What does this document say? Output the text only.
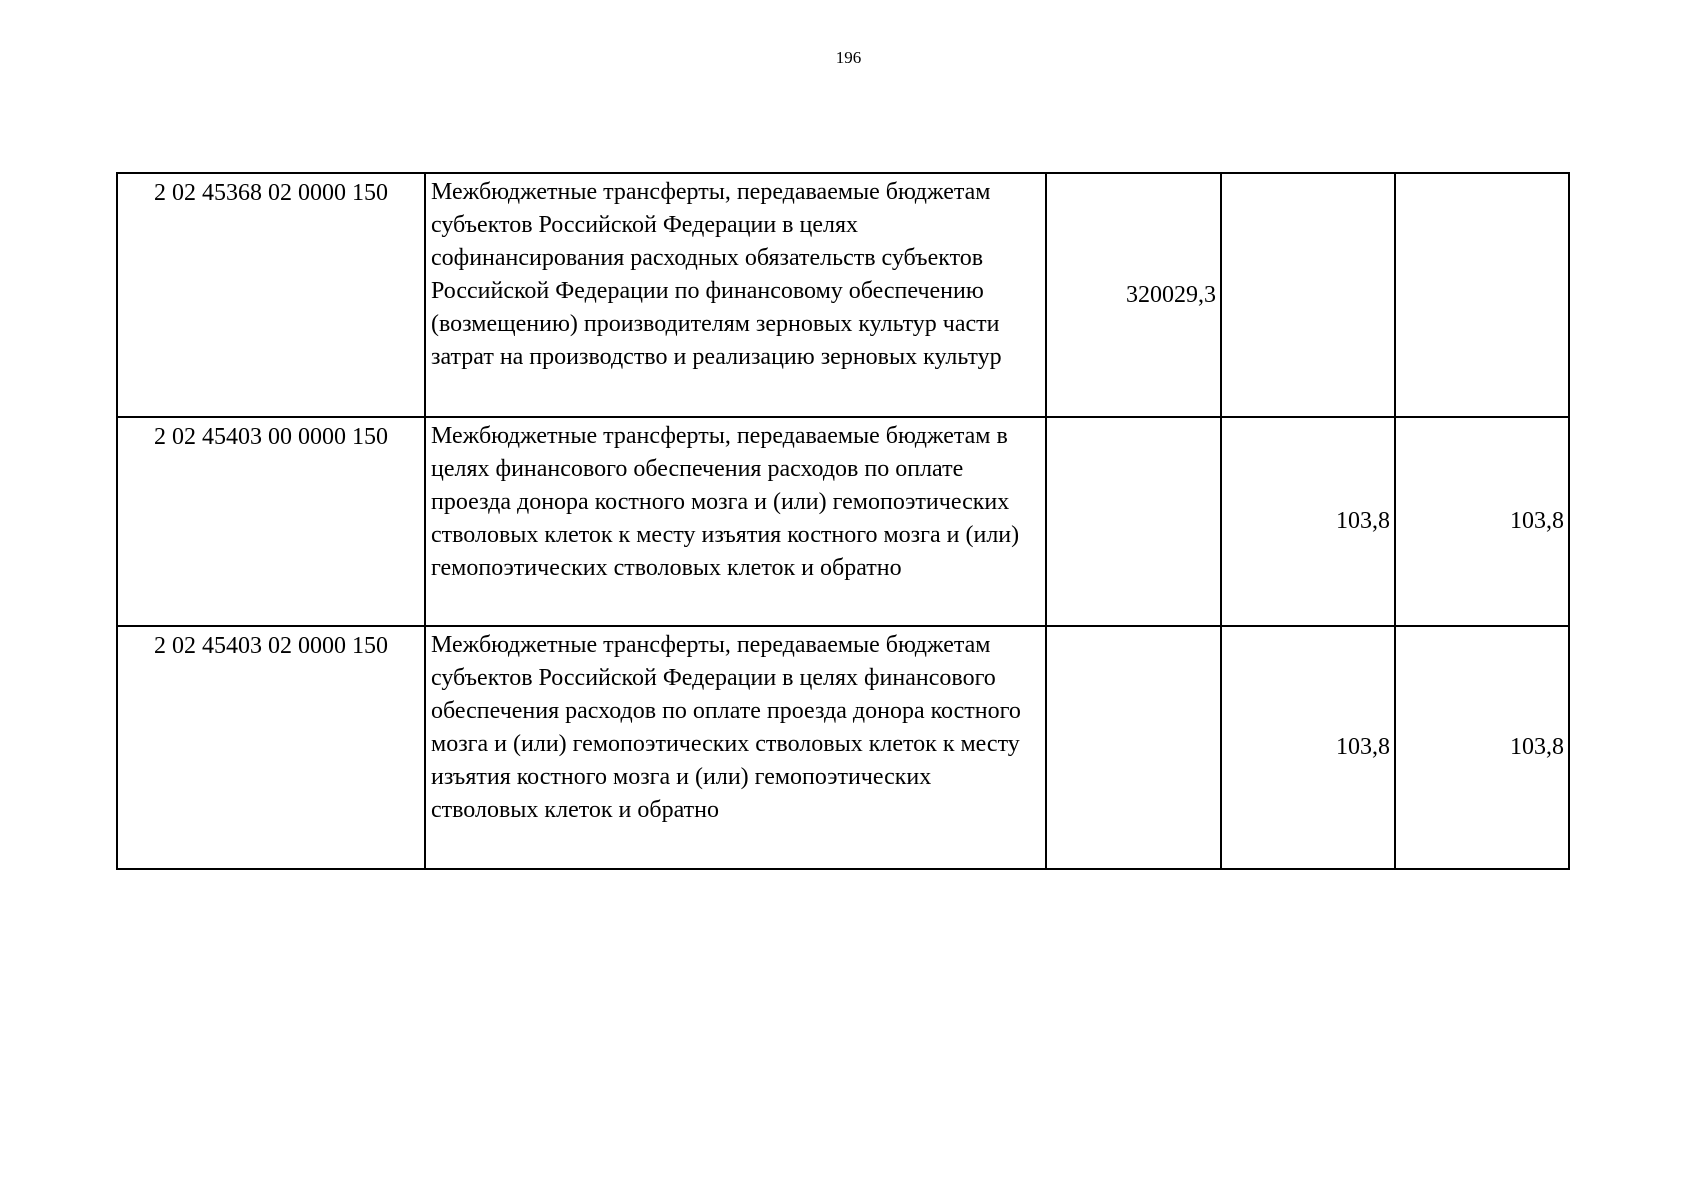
196
2 02 45368 02 0000 150	Межбюджетные трансферты, передаваемые бюджетам субъектов Российской Федерации в целях софинансирования расходных обязательств субъектов Российской Федерации по финансовому обеспечению (возмещению) производителям зерновых культур части затрат на производство и реализацию зерновых культур	320029,3		
2 02 45403 00 0000 150	Межбюджетные трансферты, передаваемые бюджетам в целях финансового обеспечения расходов по оплате проезда донора костного мозга и (или) гемопоэтических стволовых клеток к месту изъятия костного мозга и (или) гемопоэтических стволовых клеток и обратно		103,8	103,8
2 02 45403 02 0000 150	Межбюджетные трансферты, передаваемые бюджетам субъектов Российской Федерации в целях финансового обеспечения расходов по оплате проезда донора костного мозга и (или) гемопоэтических стволовых клеток к месту изъятия костного мозга и (или) гемопоэтических стволовых клеток и обратно		103,8	103,8
